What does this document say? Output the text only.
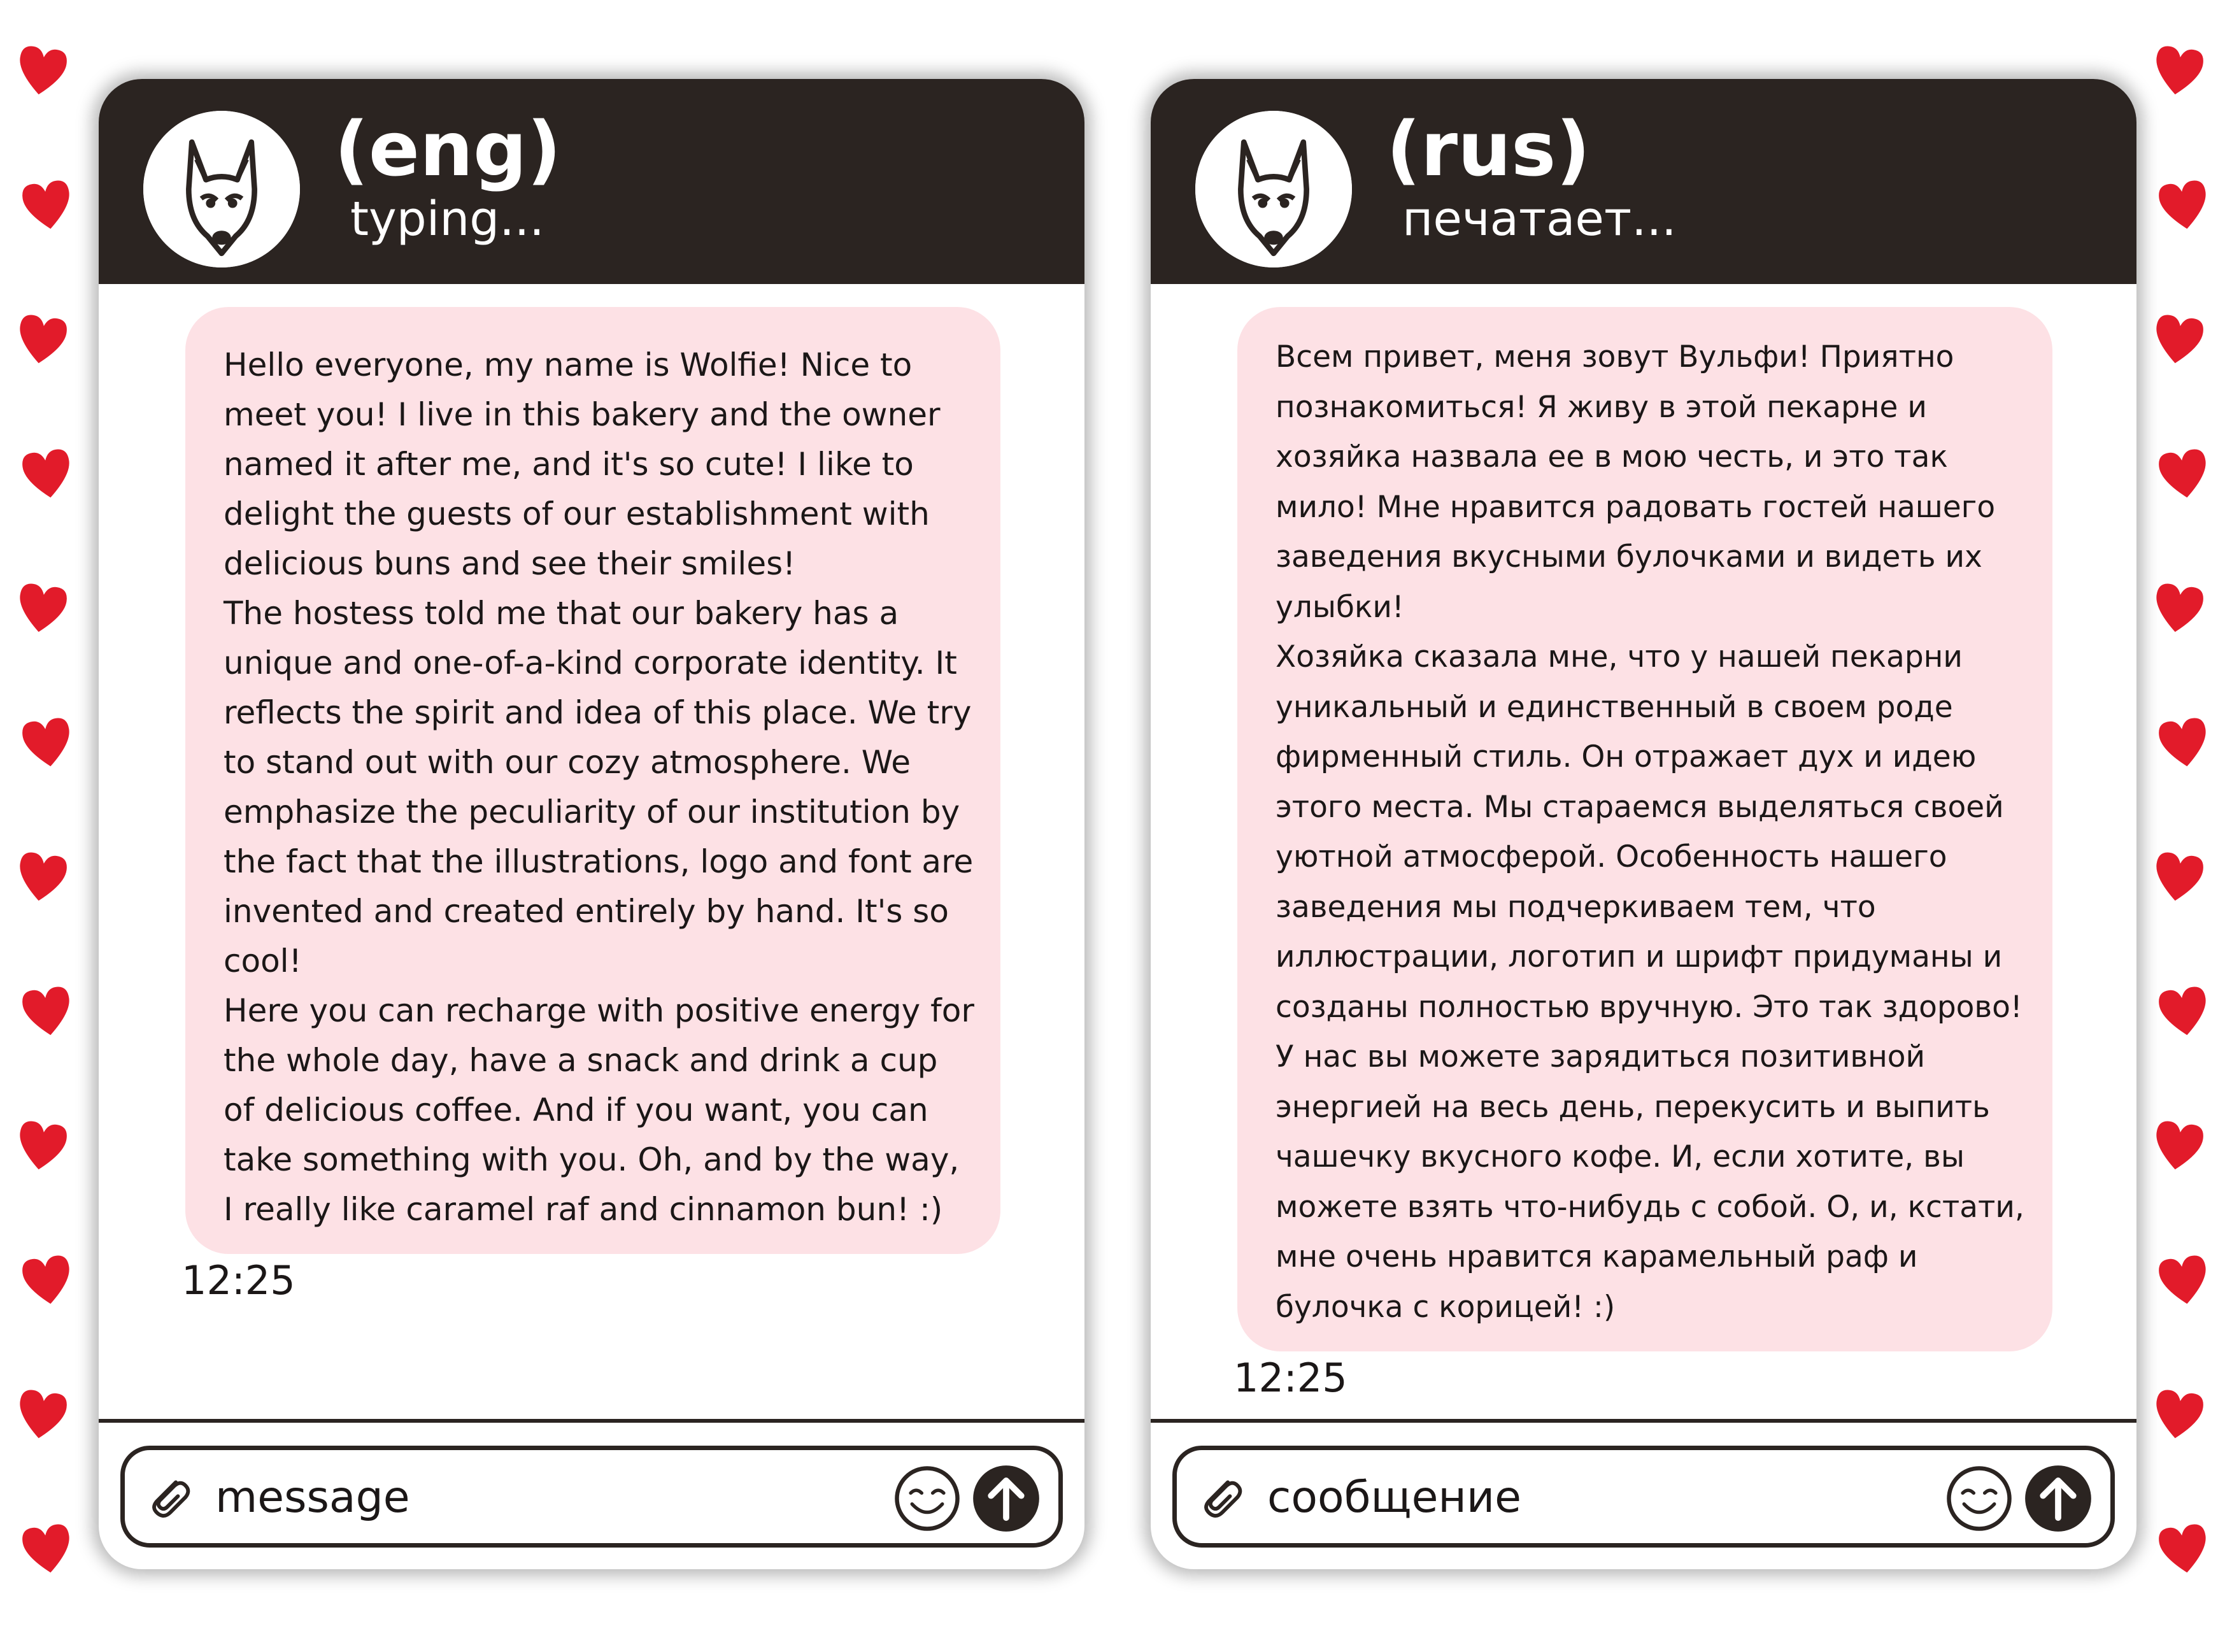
(eng)
typing...
Hello everyone, my name is Wolfie! Nice to meet you! I live in this bakery and the owner named it after me, and it's so cute! I like to delight the guests of our establishment with delicious buns and see their smiles!
The hostess told me that our bakery has a unique and one-of-a-kind corporate identity. It reflects the spirit and idea of this place. We try to stand out with our cozy atmosphere. We emphasize the peculiarity of our institution by the fact that the illustrations, logo and font are invented and created entirely by hand. It's so cool!
Here you can recharge with positive energy for the whole day, have a snack and drink a cup of delicious coffee. And if you want, you can take something with you. Oh, and by the way, I really like caramel raf and cinnamon bun! :)
12:25
message
(rus)
печатает...
Всем привет, меня зовут Вульфи! Приятно познакомиться! Я живу в этой пекарне и хозяйка назвала ее в мою честь, и это так мило! Мне нравится радовать гостей нашего заведения вкусными булочками и видеть их улыбки!
Хозяйка сказала мне, что у нашей пекарни уникальный и единственный в своем роде фирменный стиль. Он отражает дух и идею этого места. Мы стараемся выделяться своей уютной атмосферой. Особенность нашего заведения мы подчеркиваем тем, что иллюстрации, логотип и шрифт придуманы и созданы полностью вручную. Это так здорово!
У нас вы можете зарядиться позитивной энергией на весь день, перекусить и выпить чашечку вкусного кофе. И, если хотите, вы можете взять что-нибудь с собой. О, и, кстати, мне очень нравится карамельный раф и булочка с корицей! :)
12:25
сообщение
